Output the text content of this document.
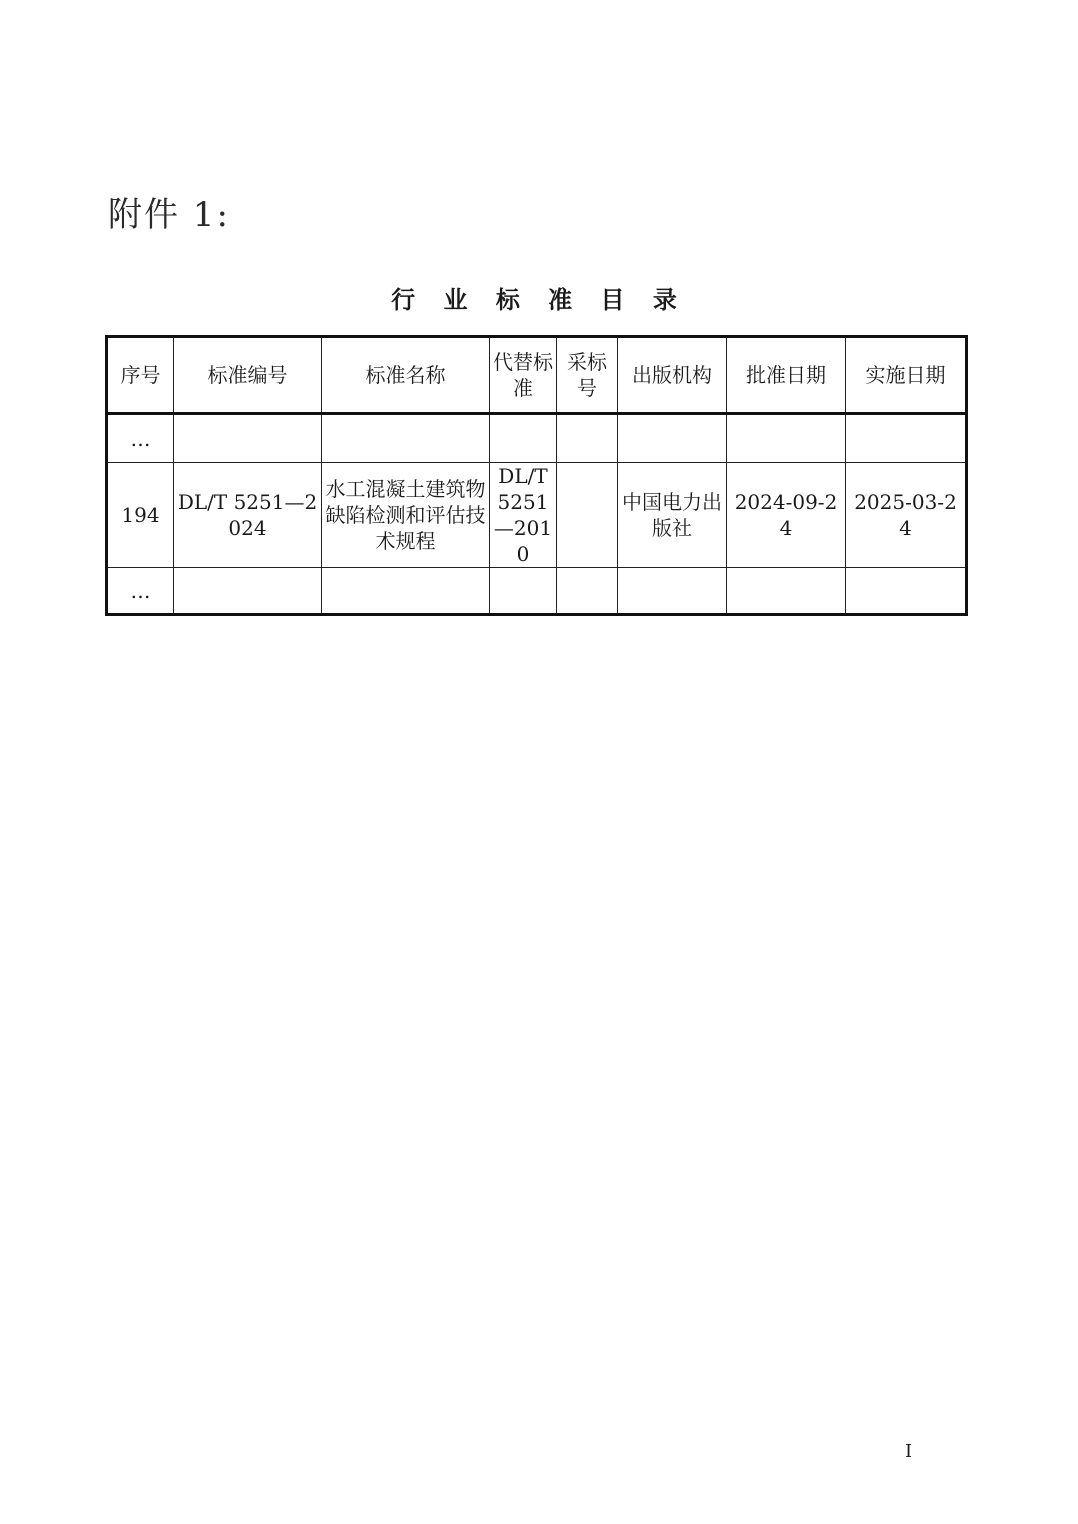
附件 1:
行 业 标 准 目 录
序号	标准编号	标准名称	代替标准	采标号	出版机构	批准日期	实施日期
…							
194	DL/T 5251—2024	水工混凝土建筑物缺陷检测和评估技术规程	DL/T 5251—2010		中国电力出版社	2024-09-24	2025-03-24
…							
I
